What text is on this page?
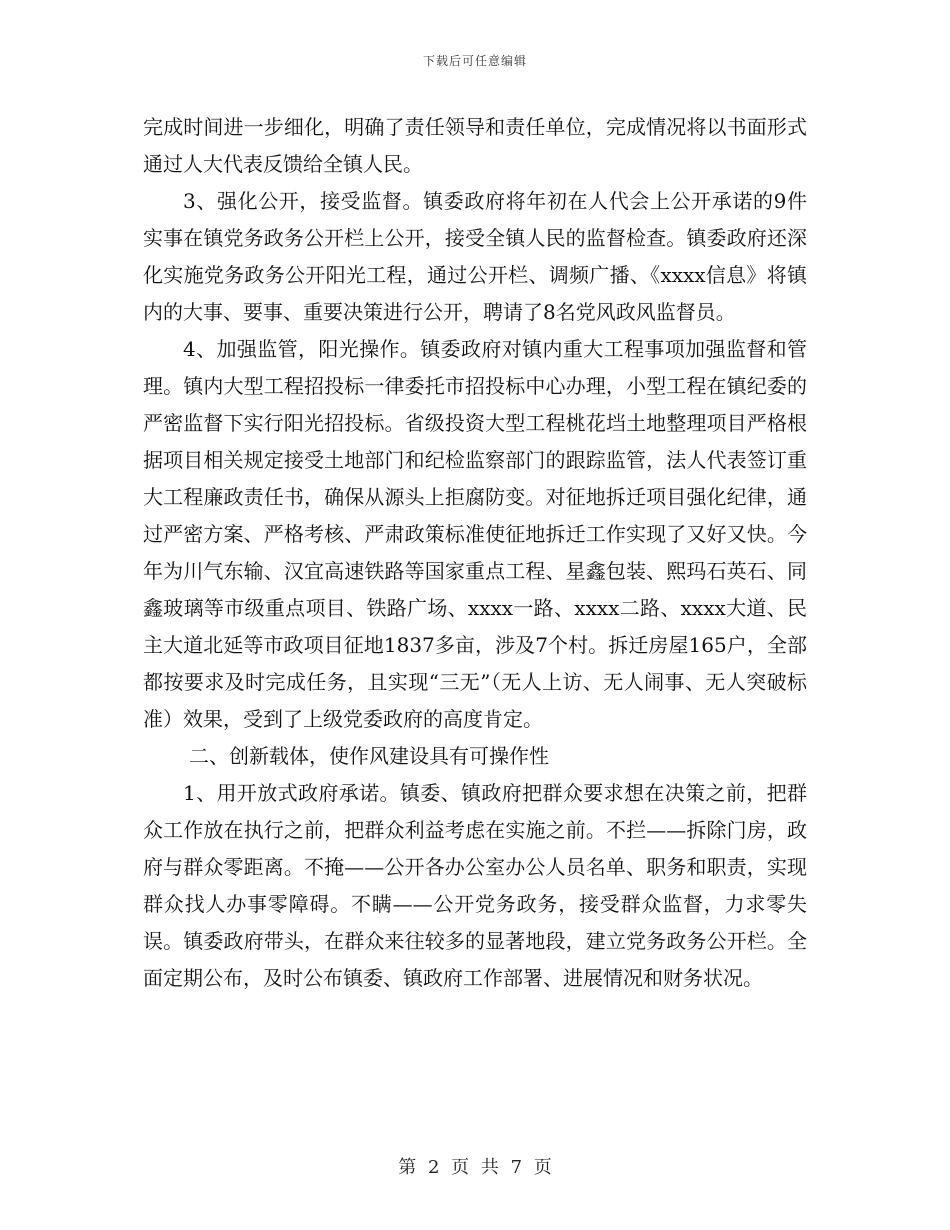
下载后可任意编辑

完成时间进一步细化，明确了责任领导和责任单位，完成情况将以书面形式通过人大代表反馈给全镇人民。

3、强化公开，接受监督。镇委政府将年初在人代会上公开承诺的9件实事在镇党务政务公开栏上公开，接受全镇人民的监督检查。镇委政府还深化实施党务政务公开阳光工程，通过公开栏、调频广播、《xxxx信息》将镇内的大事、要事、重要决策进行公开，聘请了8名党风政风监督员。

4、加强监管，阳光操作。镇委政府对镇内重大工程事项加强监督和管理。镇内大型工程招投标一律委托市招投标中心办理，小型工程在镇纪委的严密监督下实行阳光招投标。省级投资大型工程桃花垱土地整理项目严格根据项目相关规定接受土地部门和纪检监察部门的跟踪监管，法人代表签订重大工程廉政责任书，确保从源头上拒腐防变。对征地拆迁项目强化纪律，通过严密方案、严格考核、严肃政策标准使征地拆迁工作实现了又好又快。今年为川气东输、汉宜高速铁路等国家重点工程、星鑫包装、熙玛石英石、同鑫玻璃等市级重点项目、铁路广场、xxxx一路、xxxx二路、xxxx大道、民主大道北延等市政项目征地1837多亩，涉及7个村。拆迁房屋165户，全部都按要求及时完成任务，且实现“三无”（无人上访、无人闹事、无人突破标准）效果，受到了上级党委政府的高度肯定。

二、创新载体，使作风建设具有可操作性

1、用开放式政府承诺。镇委、镇政府把群众要求想在决策之前，把群众工作放在执行之前，把群众利益考虑在实施之前。不拦——拆除门房，政府与群众零距离。不掩——公开各办公室办公人员名单、职务和职责，实现群众找人办事零障碍。不瞒——公开党务政务，接受群众监督，力求零失误。镇委政府带头，在群众来往较多的显著地段，建立党务政务公开栏。全面定期公布，及时公布镇委、镇政府工作部署、进展情况和财务状况。

第 2 页 共 7 页
